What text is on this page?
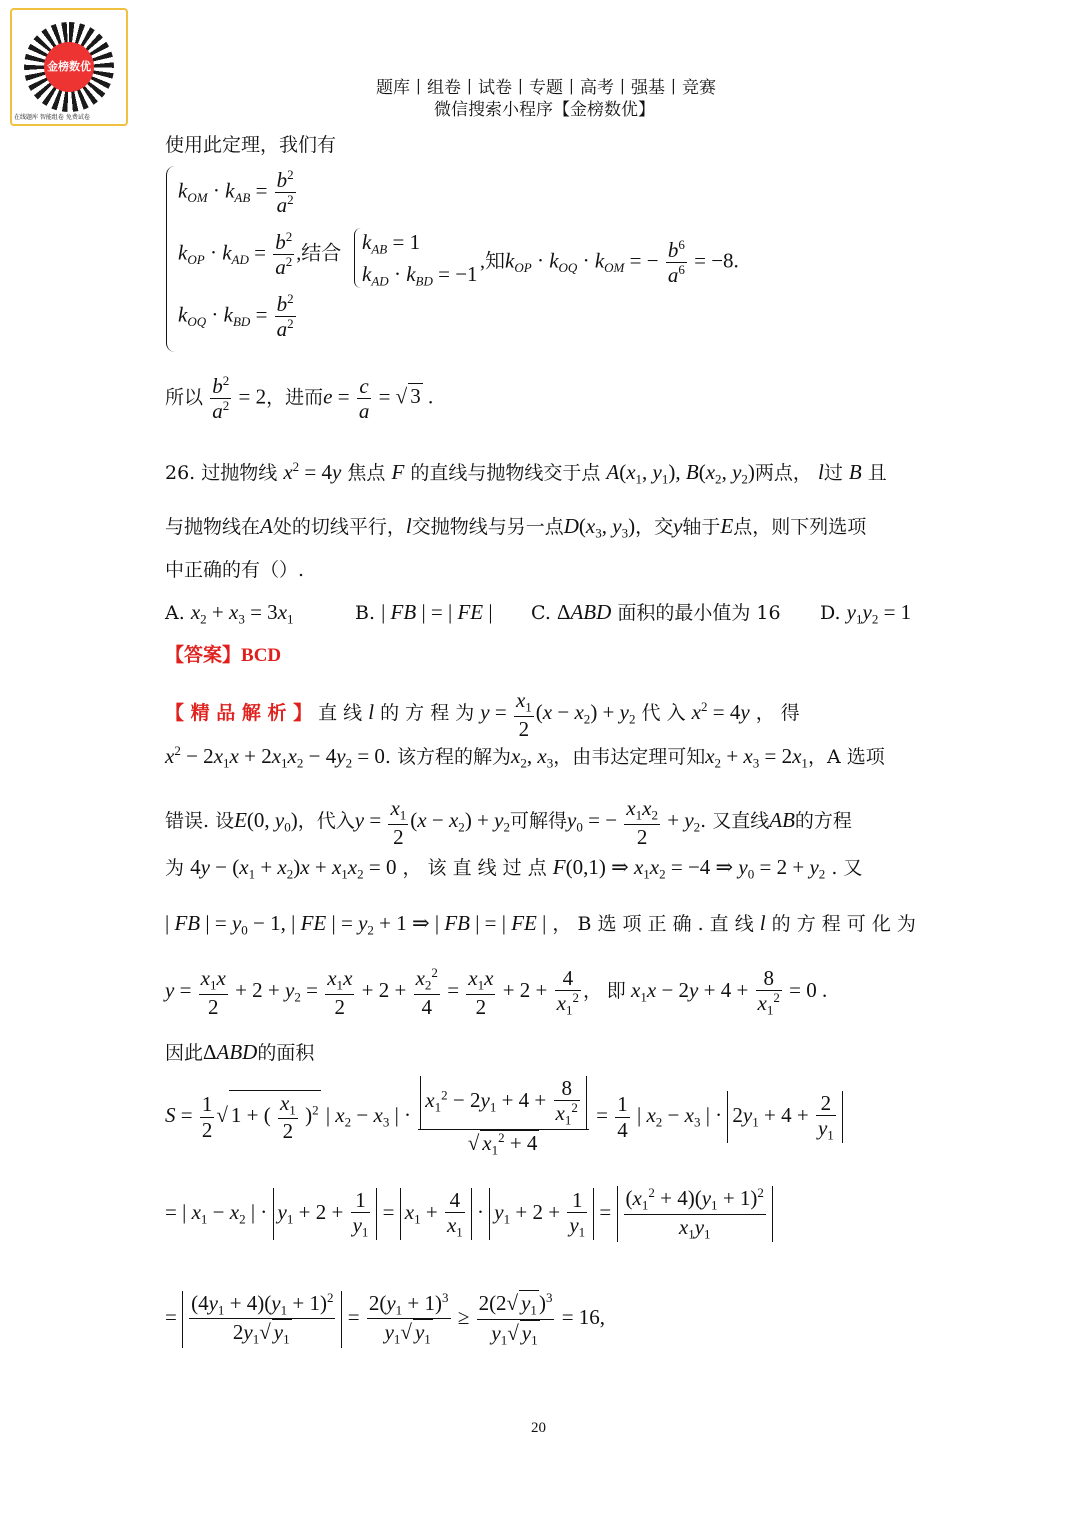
金榜数优
在线题库 智能组卷 免费试卷
题库丨组卷丨试卷丨专题丨高考丨强基丨竞赛
微信搜索小程序【金榜数优】
使用此定理，我们有
$k_{OM} \cdot k_{AB} = \frac{b^2}{a^2}$
$k_{OP} \cdot k_{AD} = \frac{b^2}{a^2}$ ,结合 $k_{AB} = 1$
$k_{AD} \cdot k_{BD} = -1$
,知$k_{OP} \cdot k_{OQ} \cdot k_{OM}$ = − $\frac{b^6}{a^6} = -8$.
$k_{OQ} \cdot k_{BD} = \frac{b^2}{a^2}$
所以 $\frac{b^2}{a^2} = 2$，进而$e = \frac{c}{a}$ = √ 3 .
26. 过抛物线 $x^2 = 4y$ 焦点 F 的直线与抛物线交于点 $A(x_1$, $y_1$), $B(x_2$, $y_2$)两点， l过 B 且
与抛物线在A处的切线平行，l交抛物线与另一点$D(x_3$, $y_3$)，交y轴于E点，则下列选项
中正确的有（）.
A. $x_2 + x_3 = 3x_1$	B. | FB | = | FE | C. ΔABD 面积的最小值为 16 D. $y_1y_2 = 1$
【答案】BCD
【 精 品 解 析 】 直 线 l 的 方 程 为 $y = \frac{x_1}{2} (x - x_2) + y_2$ 代 入 $x^2 = 4y$ ， 得
$x^2 - 2x_1x + 2x_1x_2 - 4y_2 = 0$. 该方程的解为$x_2$, $x_3$，由韦达定理可知$x_2 + x_3 = 2x_1$，A 选项
错误. 设E(0, $y_0$)，代入$y = \frac{x_1}{2} (x - x_2) + y_2$可解得$y_0$ = − $\frac{x_1x_2}{2} + y_2$. 又直线AB的方程
为 $4y - (x_1 + x_2)x + x_1x_2 = 0$ ， 该 直 线 过 点 F(0,1) ⇒ $x_1x_2 = -4$ ⇒ $y_0 = 2 + y_2$ . 又
| FB | = $y_0 - 1$, | FE | = $y_2 + 1$ ⇒ | FB | = | FE | ， B 选 项 正 确 . 直 线 l 的 方 程 可 化 为
$y = \frac{x_1x}{2} + 2 + y_2 = \frac{x_1x}{2} + 2 + \frac{x_2^2}{4} = \frac{x_1x}{2} + 2 + \frac{4}{x_1^2}$ ， 即 $x_1x - 2y + 4 + \frac{8}{x_1^2} = 0$ .
因此ΔABD的面积
$S = \frac{1}{2}$ √ 1 + ( $\frac{x_1}{2} )^2$ | $x_2 - x_3$ | · $\frac{x_1^2 - 2y_1 + 4 + \frac{8}{x_1^2}}{√ x_1^2 + 4} = \frac{1}{4}$ | $x_2 - x_3$ | · $2y_1 + 4 + \frac{2}{y_1}$
= | $x_1 - x_2$ | · $y_1 + 2 + \frac{1}{y_1} = x_1 + \frac{4}{x_1} \cdot y_1 + 2 + \frac{1}{y_1} = \frac{(x_1^2 + 4)(y_1 + 1)^2}{x_1y_1}$
= $\frac{(4y_1 + 4)(y_1 + 1)^2}{2y_1√ y_1} = \frac{2(y_1 + 1)^3}{y_1√ y_1} \ge \frac{2(2√ y_1)^3}{y_1√ y_1} = 16$,
20
